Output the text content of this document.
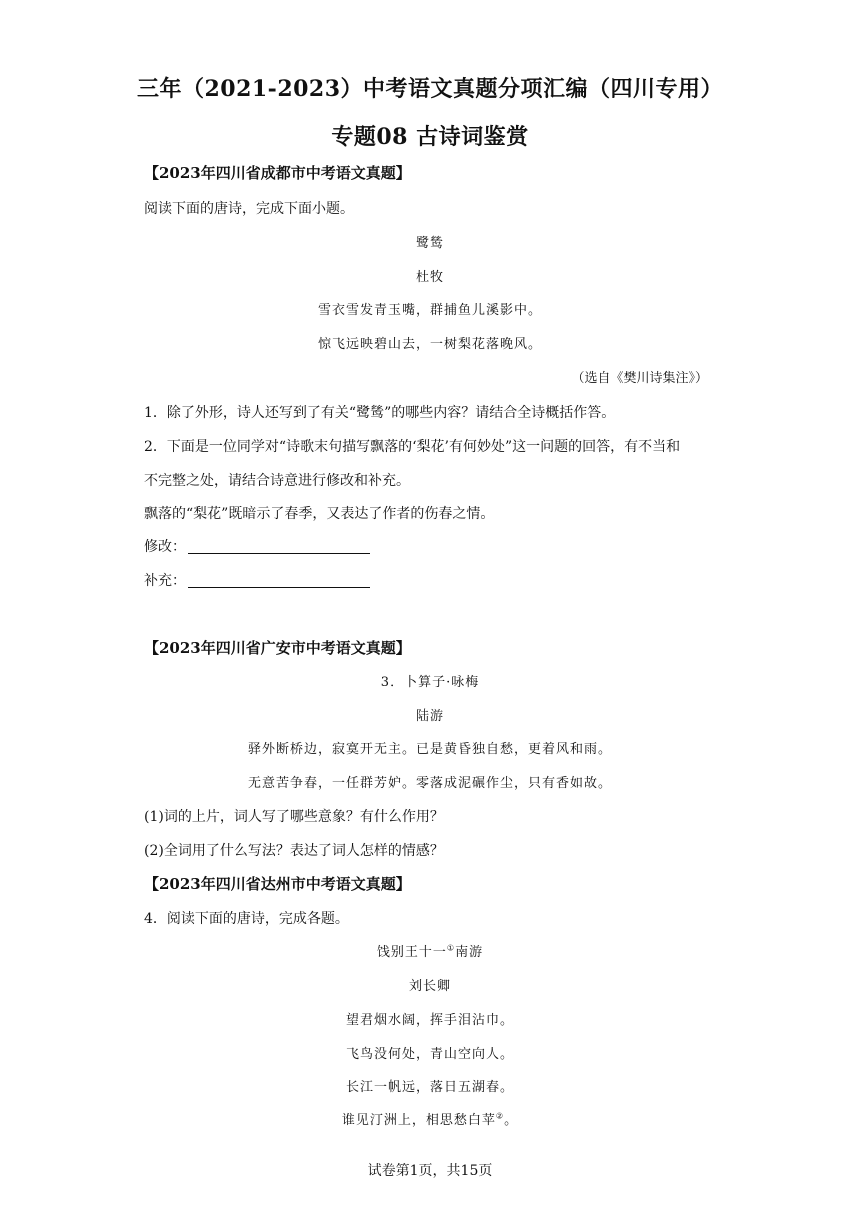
三年（2021-2023）中考语文真题分项汇编（四川专用）
专题08 古诗词鉴赏
【2023年四川省成都市中考语文真题】
阅读下面的唐诗，完成下面小题。
鹭鸶
杜牧
雪衣雪发青玉嘴，群捕鱼儿溪影中。
惊飞远映碧山去，一树梨花落晚风。
（选自《樊川诗集注》）
1．除了外形，诗人还写到了有关“鹭鸶”的哪些内容？请结合全诗概括作答。
2．下面是一位同学对“诗歌末句描写飘落的‘梨花’有何妙处”这一问题的回答，有不当和
不完整之处，请结合诗意进行修改和补充。
飘落的“梨花”既暗示了春季，又表达了作者的伤春之情。
修改：
补充：
【2023年四川省广安市中考语文真题】
3．卜算子·咏梅
陆游
驿外断桥边，寂寞开无主。已是黄昏独自愁，更着风和雨。
无意苦争春，一任群芳妒。零落成泥碾作尘，只有香如故。
(1)词的上片，词人写了哪些意象？有什么作用？
(2)全词用了什么写法？表达了词人怎样的情感？
【2023年四川省达州市中考语文真题】
4．阅读下面的唐诗，完成各题。
饯别王十一①南游
刘长卿
望君烟水阔，挥手泪沾巾。
飞鸟没何处，青山空向人。
长江一帆远，落日五湖春。
谁见汀洲上，相思愁白苹②。
试卷第1页，共15页
